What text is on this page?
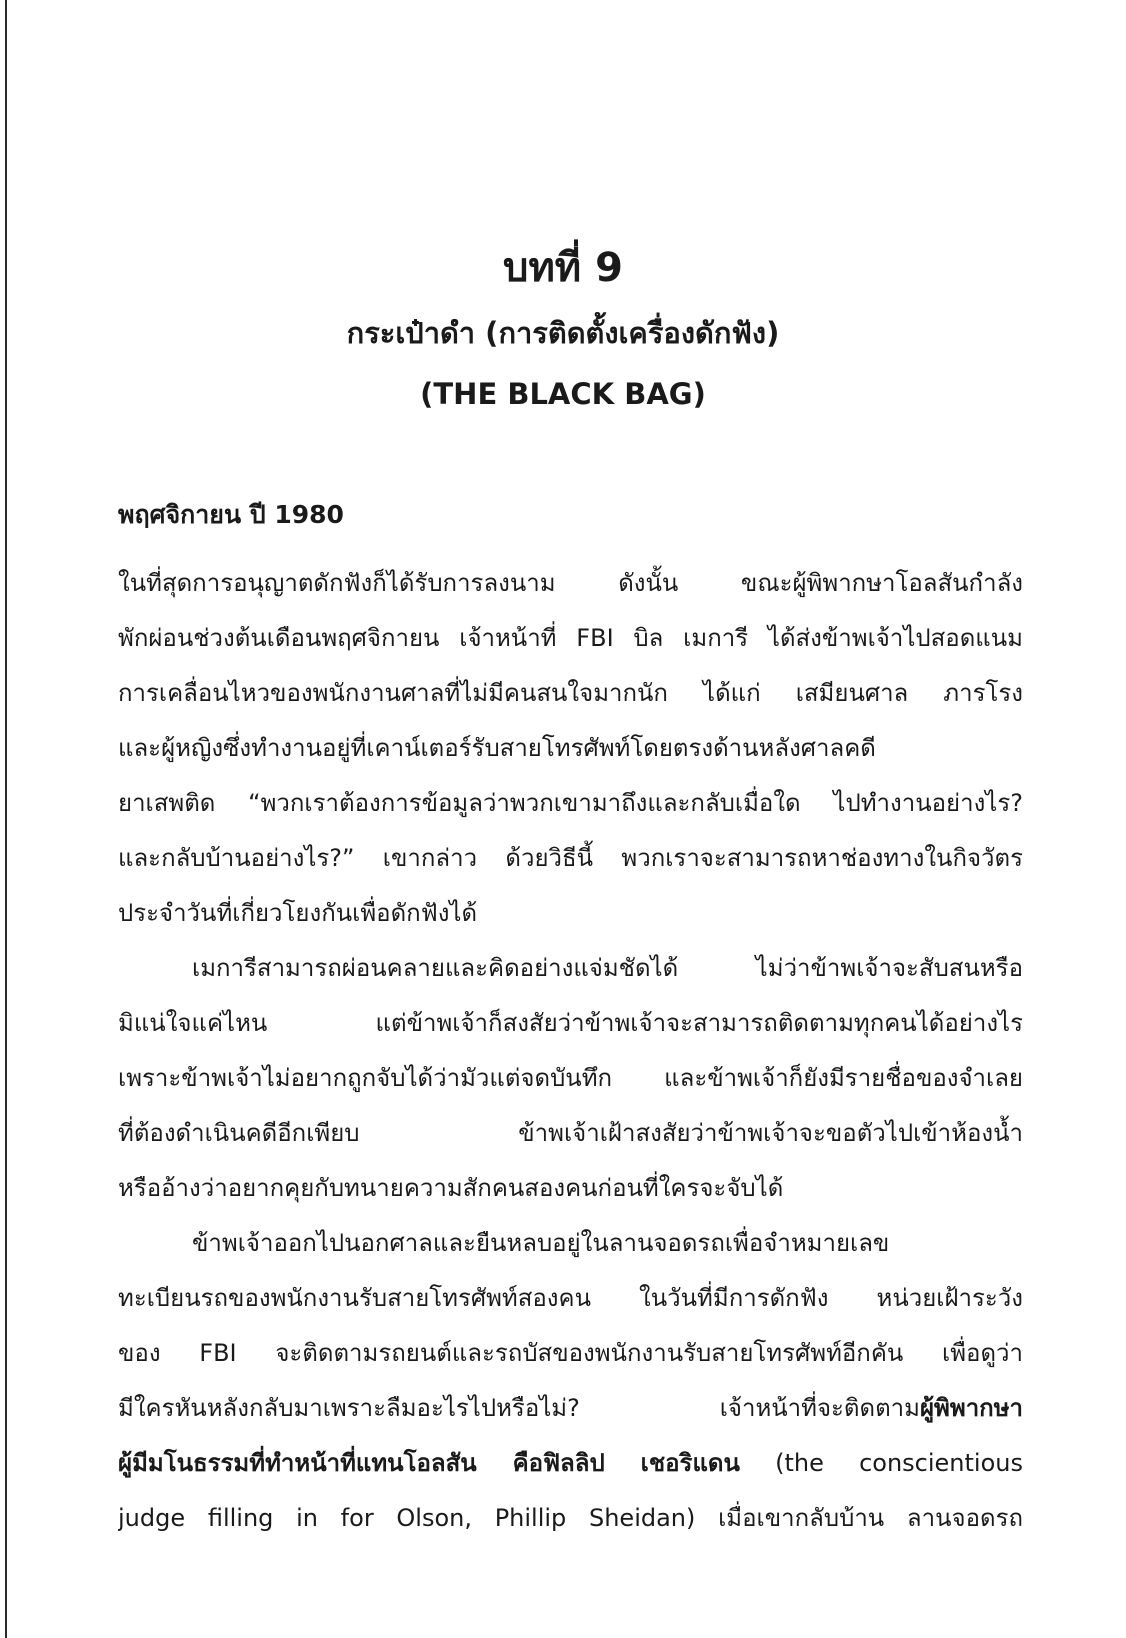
บทที่ 9
กระเป๋าดำ (การติดตั้งเครื่องดักฟัง)
(THE BLACK BAG)
พฤศจิกายน ปี 1980
ในที่สุดการอนุญาตดักฟังก็ได้รับการลงนาม ดังนั้น ขณะผู้พิพากษาโอลสันกำลัง
พักผ่อนช่วงต้นเดือนพฤศจิกายน เจ้าหน้าที่ FBI บิล เมการี ได้ส่งข้าพเจ้าไปสอดแนม
การเคลื่อนไหวของพนักงานศาลที่ไม่มีคนสนใจมากนัก ได้แก่ เสมียนศาล ภารโรง
และผู้หญิงซึ่งทำงานอยู่ที่เคาน์เตอร์รับสายโทรศัพท์โดยตรงด้านหลังศาลคดี
ยาเสพติด “พวกเราต้องการข้อมูลว่าพวกเขามาถึงและกลับเมื่อใด ไปทำงานอย่างไร?
และกลับบ้านอย่างไร?” เขากล่าว ด้วยวิธีนี้ พวกเราจะสามารถหาช่องทางในกิจวัตร
ประจำวันที่เกี่ยวโยงกันเพื่อดักฟังได้
เมการีสามารถผ่อนคลายและคิดอย่างแจ่มชัดได้ ไม่ว่าข้าพเจ้าจะสับสนหรือ
มิแน่ใจแค่ไหน แต่ข้าพเจ้าก็สงสัยว่าข้าพเจ้าจะสามารถติดตามทุกคนได้อย่างไร
เพราะข้าพเจ้าไม่อยากถูกจับได้ว่ามัวแต่จดบันทึก และข้าพเจ้าก็ยังมีรายชื่อของจำเลย
ที่ต้องดำเนินคดีอีกเพียบ ข้าพเจ้าเฝ้าสงสัยว่าข้าพเจ้าจะขอตัวไปเข้าห้องน้ำ
หรืออ้างว่าอยากคุยกับทนายความสักคนสองคนก่อนที่ใครจะจับได้
ข้าพเจ้าออกไปนอกศาลและยืนหลบอยู่ในลานจอดรถเพื่อจำหมายเลข
ทะเบียนรถของพนักงานรับสายโทรศัพท์สองคน ในวันที่มีการดักฟัง หน่วยเฝ้าระวัง
ของ FBI จะติดตามรถยนต์และรถบัสของพนักงานรับสายโทรศัพท์อีกคัน เพื่อดูว่า
มีใครหันหลังกลับมาเพราะลืมอะไรไปหรือไม่? เจ้าหน้าที่จะติดตามผู้พิพากษา
ผู้มีมโนธรรมที่ทำหน้าที่แทนโอลสัน คือฟิลลิป เชอริแดน (the conscientious
judge filling in for Olson, Phillip Sheidan) เมื่อเขากลับบ้าน ลานจอดรถ
